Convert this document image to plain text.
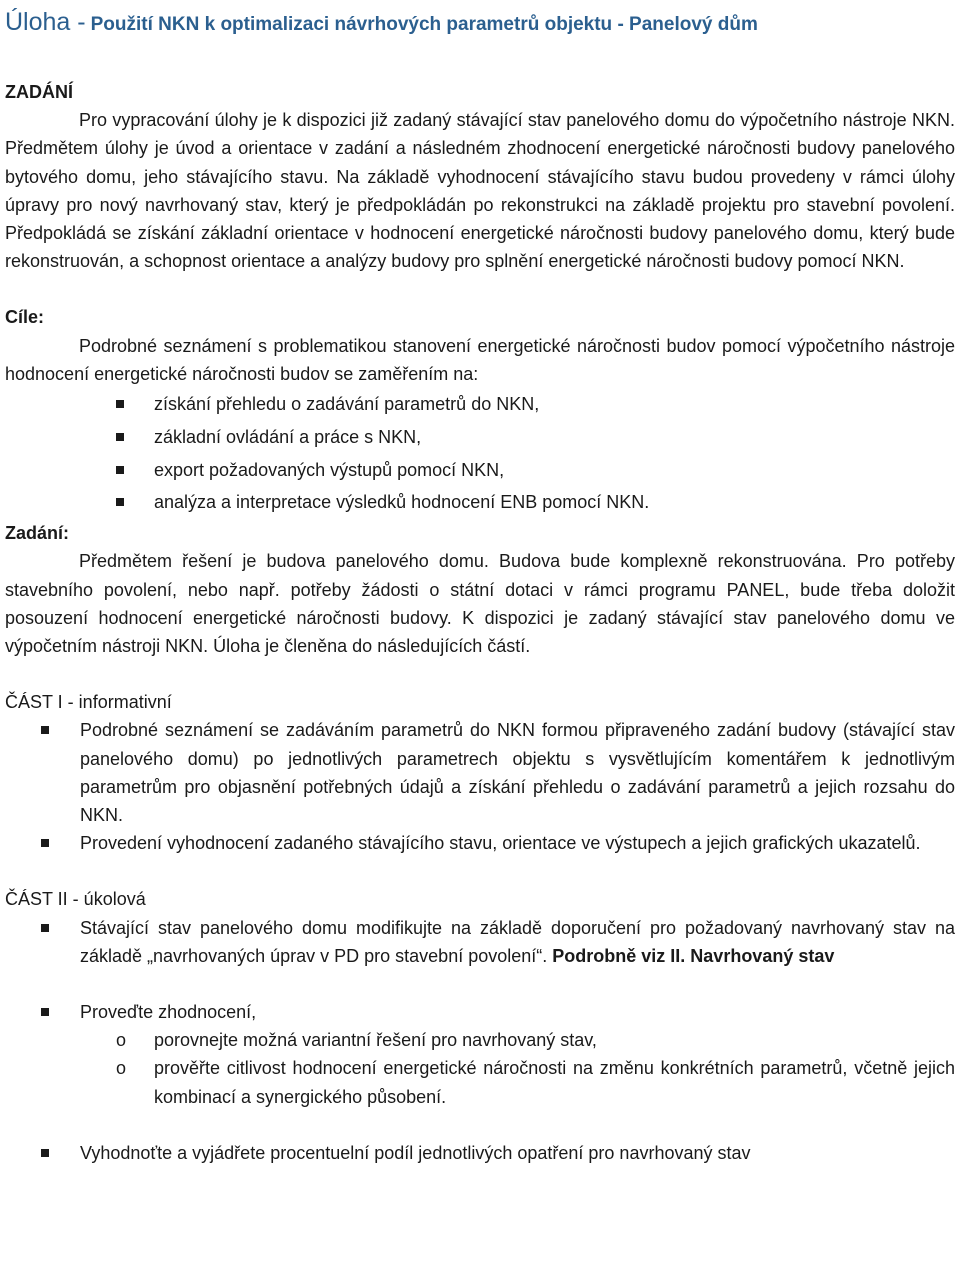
Úloha - Použití NKN k optimalizaci návrhových parametrů objektu - Panelový dům
ZADÁNÍ

Pro vypracování úlohy je k dispozici již zadaný stávající stav panelového domu do výpočetního nástroje NKN. Předmětem úlohy je úvod a orientace v zadání a následném zhodnocení energetické náročnosti budovy panelového bytového domu, jeho stávajícího stavu. Na základě vyhodnocení stávajícího stavu budou provedeny v rámci úlohy úpravy pro nový navrhovaný stav, který je předpokládán po rekonstrukci na základě projektu pro stavební povolení. Předpokládá se získání základní orientace v hodnocení energetické náročnosti budovy panelového domu, který bude rekonstruován, a schopnost orientace a analýzy budovy pro splnění energetické náročnosti budovy pomocí NKN.

Cíle:

Podrobné seznámení s problematikou stanovení energetické náročnosti budov pomocí výpočetního nástroje hodnocení energetické náročnosti budov se zaměřením na:

získání přehledu o zadávání parametrů do NKN,
základní ovládání a práce s NKN,
export požadovaných výstupů pomocí NKN,
analýza a interpretace výsledků hodnocení ENB pomocí NKN.
Zadání:

Předmětem řešení je budova panelového domu. Budova bude komplexně rekonstruována. Pro potřeby stavebního povolení, nebo např. potřeby žádosti o státní dotaci v rámci programu PANEL, bude třeba doložit posouzení hodnocení energetické náročnosti budovy. K dispozici je zadaný stávající stav panelového domu ve výpočetním nástroji NKN. Úloha je členěna do následujících částí.

ČÁST I - informativní
Podrobné seznámení se zadáváním parametrů do NKN formou připraveného zadání budovy (stávající stav panelového domu) po jednotlivých parametrech objektu s vysvětlujícím komentářem k jednotlivým parametrům pro objasnění potřebných údajů a získání přehledu o zadávání parametrů a jejich rozsahu do NKN.
Provedení vyhodnocení zadaného stávajícího stavu, orientace ve výstupech a jejich grafických ukazatelů.
ČÁST II - úkolová
Stávající stav panelového domu modifikujte na základě doporučení pro požadovaný navrhovaný stav na základě „navrhovaných úprav v PD pro stavební povolení“. Podrobně viz II. Navrhovaný stav
Proveďte zhodnocení,
o porovnejte možná variantní řešení pro navrhovaný stav,
o prověřte citlivost hodnocení energetické náročnosti na změnu konkrétních parametrů, včetně jejich kombinací a synergického působení.
Vyhodnoťte a vyjádřete procentuelní podíl jednotlivých opatření pro navrhovaný stav
